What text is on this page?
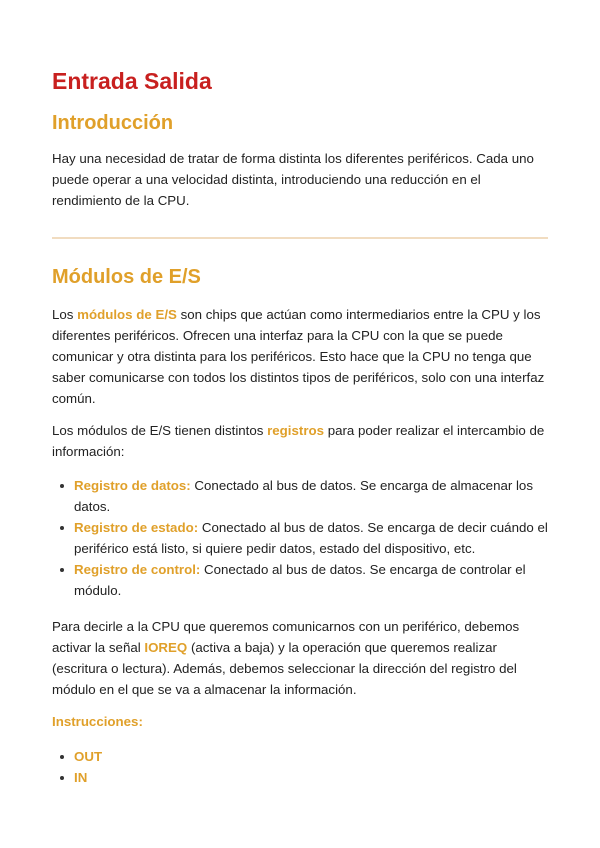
Entrada Salida
Introducción

Hay una necesidad de tratar de forma distinta los diferentes periféricos. Cada uno puede operar a una velocidad distinta, introduciendo una reducción en el rendimiento de la CPU.

Módulos de E/S

Los módulos de E/S son chips que actúan como intermediarios entre la CPU y los diferentes periféricos. Ofrecen una interfaz para la CPU con la que se puede comunicar y otra distinta para los periféricos. Esto hace que la CPU no tenga que saber comunicarse con todos los distintos tipos de periféricos, solo con una interfaz común.

Los módulos de E/S tienen distintos registros para poder realizar el intercambio de información:

Registro de datos: Conectado al bus de datos. Se encarga de almacenar los datos.
Registro de estado: Conectado al bus de datos. Se encarga de decir cuándo el periférico está listo, si quiere pedir datos, estado del dispositivo, etc.
Registro de control: Conectado al bus de datos. Se encarga de controlar el módulo.

Para decirle a la CPU que queremos comunicarnos con un periférico, debemos activar la señal IOREQ (activa a baja) y la operación que queremos realizar (escritura o lectura). Además, debemos seleccionar la dirección del registro del módulo en el que se va a almacenar la información.

Instrucciones:

OUT
IN
